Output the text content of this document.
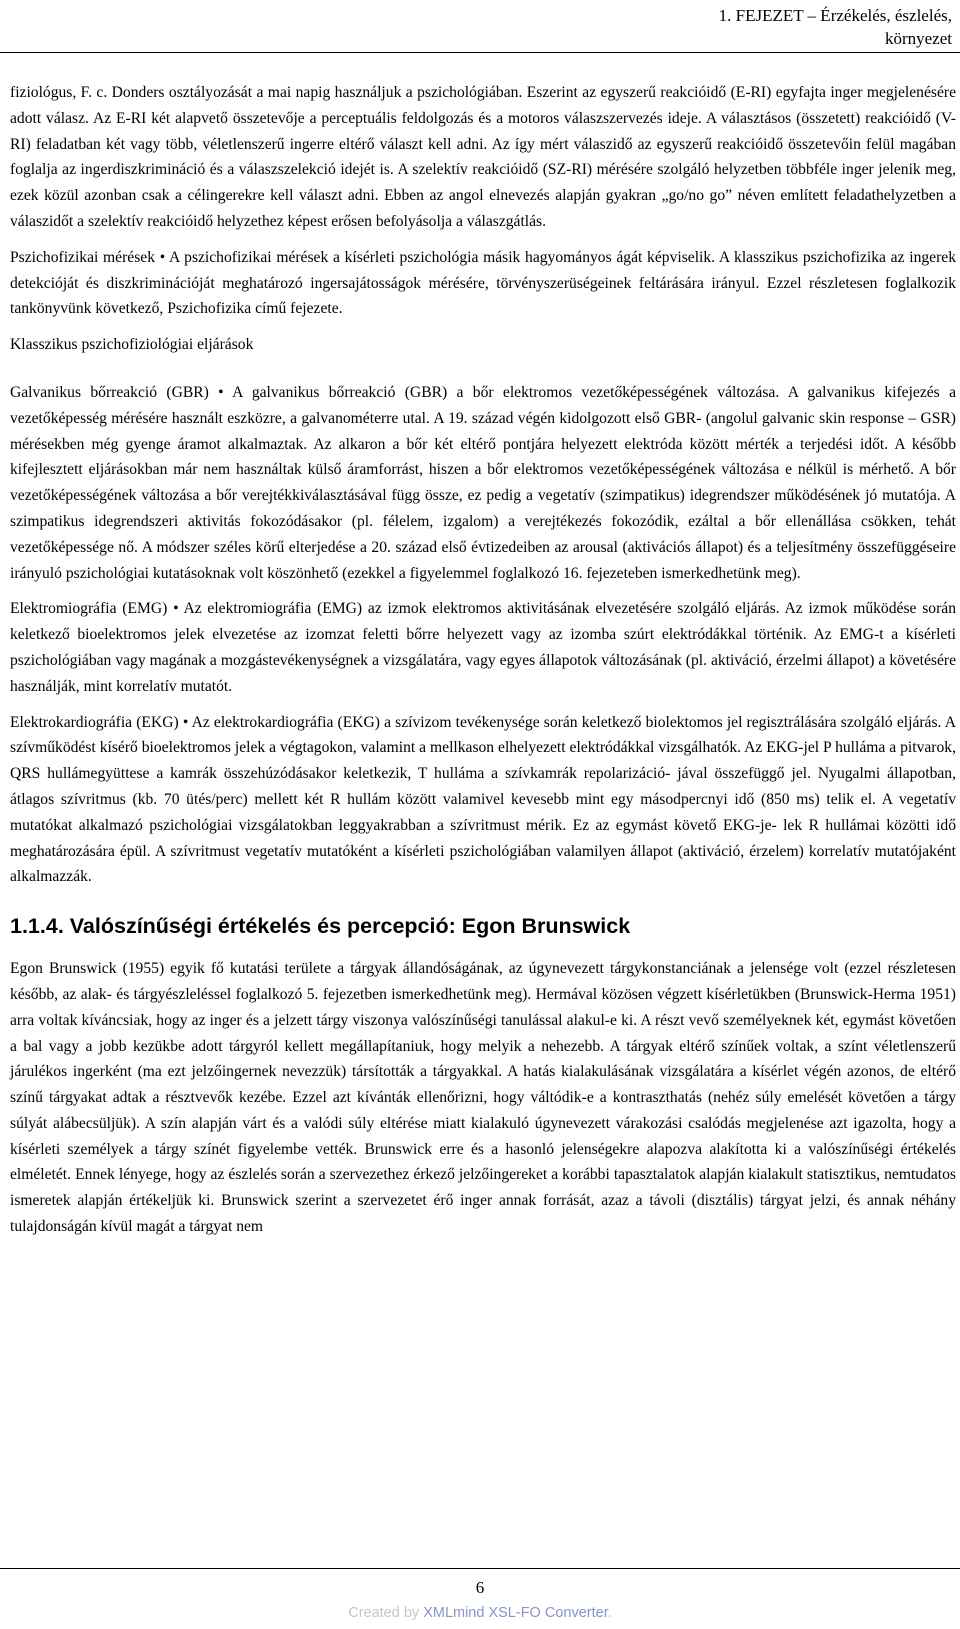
1. FEJEZET – Érzékelés, észlelés,
környezet

fiziológus, F. c. Donders osztályozását a mai napig használjuk a pszichológiában. Eszerint az egyszerű reakcióidő (E-RI) egyfajta inger megjelenésére adott válasz. Az E-RI két alapvető összetevője a perceptuális feldolgozás és a motoros válaszszervezés ideje. A választásos (összetett) reakcióidő (V-RI) feladatban két vagy több, véletlenszerű ingerre eltérő választ kell adni. Az így mért válaszidő az egyszerű reakcióidő összetevőin felül magában foglalja az ingerdiszkrimináció és a válaszszelekció idejét is. A szelektív reakcióidő (SZ-RI) mérésére szolgáló helyzetben többféle inger jelenik meg, ezek közül azonban csak a célingerekre kell választ adni. Ebben az angol elnevezés alapján gyakran „go/no go” néven említett feladathelyzetben a válaszidőt a szelektív reakcióidő helyzethez képest erősen befolyásolja a válaszgátlás.

Pszichofizikai mérések • A pszichofizikai mérések a kísérleti pszichológia másik hagyományos ágát képviselik. A klasszikus pszichofizika az ingerek detekcióját és diszkriminációját meghatározó ingersajátosságok mérésére, törvényszerüségeinek feltárására irányul. Ezzel részletesen foglalkozik tankönyvünk következő, Pszichofizika című fejezete.

Klasszikus pszichofiziológiai eljárások

Galvanikus bőrreakció (GBR) • A galvanikus bőrreakció (GBR) a bőr elektromos vezetőképességének változása. A galvanikus kifejezés a vezetőképesség mérésére használt eszközre, a galvanométerre utal. A 19. század végén kidolgozott első GBR- (angolul galvanic skin response – GSR) mérésekben még gyenge áramot alkalmaztak. Az alkaron a bőr két eltérő pontjára helyezett elektróda között mérték a terjedési időt. A később kifejlesztett eljárásokban már nem használtak külső áramforrást, hiszen a bőr elektromos vezetőképességének változása e nélkül is mérhető. A bőr vezetőképességének változása a bőr verejtékkiválasztásával függ össze, ez pedig a vegetatív (szimpatikus) idegrendszer működésének jó mutatója. A szimpatikus idegrendszeri aktivitás fokozódásakor (pl. félelem, izgalom) a verejtékezés fokozódik, ezáltal a bőr ellenállása csökken, tehát vezetőképessége nő. A módszer széles körű elterjedése a 20. század első évtizedeiben az arousal (aktivációs állapot) és a teljesítmény összefüggéseire irányuló pszichológiai kutatásoknak volt köszönhető (ezekkel a figyelemmel foglalkozó 16. fejezeteben ismerkedhetünk meg).

Elektromiográfia (EMG) • Az elektromiográfia (EMG) az izmok elektromos aktivitásának elvezetésére szolgáló eljárás. Az izmok működése során keletkező bioelektromos jelek elvezetése az izomzat feletti bőrre helyezett vagy az izomba szúrt elektródákkal történik. Az EMG-t a kísérleti pszichológiában vagy magának a mozgástevékenységnek a vizsgálatára, vagy egyes állapotok változásának (pl. aktiváció, érzelmi állapot) a követésére használják, mint korrelatív mutatót.

Elektrokardiográfia (EKG) • Az elektrokardiográfia (EKG) a szívizom tevékenysége során keletkező biolektomos jel regisztrálására szolgáló eljárás. A szívműködést kísérő bioelektromos jelek a végtagokon, valamint a mellkason elhelyezett elektródákkal vizsgálhatók. Az EKG-jel P hulláma a pitvarok, QRS hullámegyüttese a kamrák összehúzódásakor keletkezik, T hulláma a szívkamrák repolarizáció- jával összefüggő jel. Nyugalmi állapotban, átlagos szívritmus (kb. 70 ütés/perc) mellett két R hullám között valamivel kevesebb mint egy másodpercnyi idő (850 ms) telik el. A vegetatív mutatókat alkalmazó pszichológiai vizsgálatokban leggyakrabban a szívritmust mérik. Ez az egymást követő EKG-je- lek R hullámai közötti idő meghatározására épül. A szívritmust vegetatív mutatóként a kísérleti pszichológiában valamilyen állapot (aktiváció, érzelem) korrelatív mutatójaként alkalmazzák.

1.1.4. Valószínűségi értékelés és percepció: Egon Brunswick

Egon Brunswick (1955) egyik fő kutatási területe a tárgyak állandóságának, az úgynevezett tárgykonstanciának a jelensége volt (ezzel részletesen később, az alak- és tárgyészleléssel foglalkozó 5. fejezetben ismerkedhetünk meg). Hermával közösen végzett kísérletükben (Brunswick-Herma 1951) arra voltak kíváncsiak, hogy az inger és a jelzett tárgy viszonya valószínűségi tanulással alakul-e ki. A részt vevő személyeknek két, egymást követően a bal vagy a jobb kezükbe adott tárgyról kellett megállapítaniuk, hogy melyik a nehezebb. A tárgyak eltérő színűek voltak, a színt véletlenszerű járulékos ingerként (ma ezt jelzőingernek nevezzük) társították a tárgyakkal. A hatás kialakulásának vizsgálatára a kísérlet végén azonos, de eltérő színű tárgyakat adtak a résztvevők kezébe. Ezzel azt kívánták ellenőrizni, hogy váltódik-e a kontraszthatás (nehéz súly emelését követően a tárgy súlyát alábecsüljük). A szín alapján várt és a valódi súly eltérése miatt kialakuló úgynevezett várakozási csalódás megjelenése azt igazolta, hogy a kísérleti személyek a tárgy színét figyelembe vették. Brunswick erre és a hasonló jelenségekre alapozva alakította ki a valószínűségi értékelés elméletét. Ennek lényege, hogy az észlelés során a szervezethez érkező jelzőingereket a korábbi tapasztalatok alapján kialakult statisztikus, nemtudatos ismeretek alapján értékeljük ki. Brunswick szerint a szervezetet érő inger annak forrását, azaz a távoli (disztális) tárgyat jelzi, és annak néhány tulajdonságán kívül magát a tárgyat nem

6
Created by XMLmind XSL-FO Converter.
